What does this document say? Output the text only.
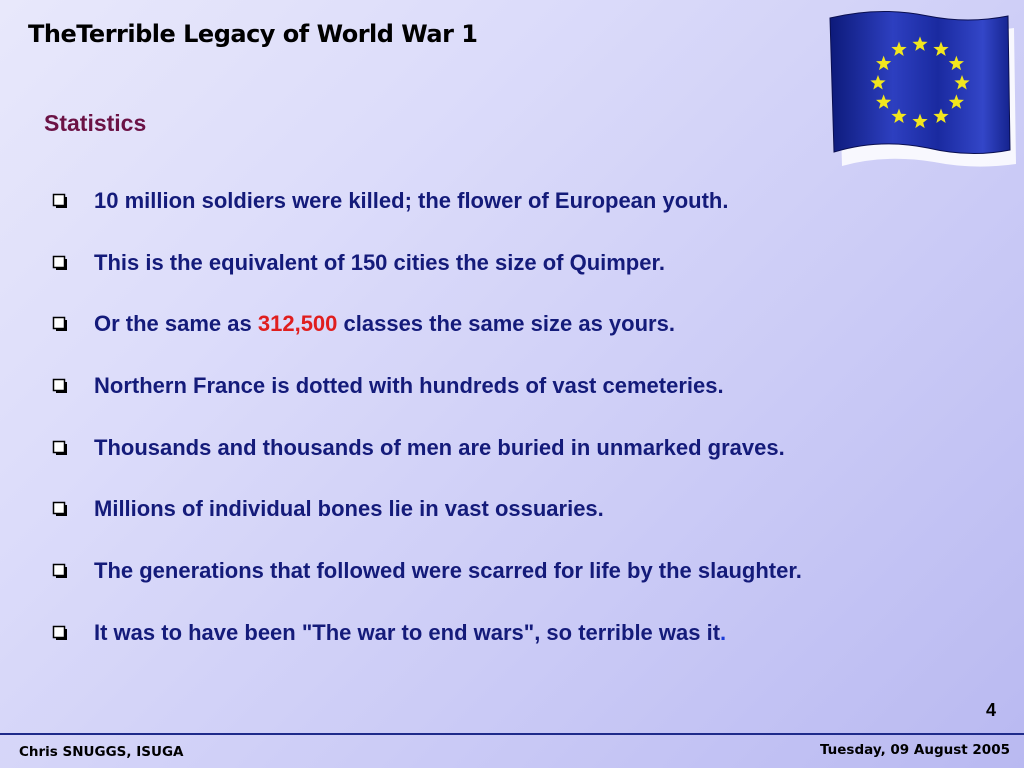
TheTerrible Legacy of World War 1
Statistics
10 million soldiers were killed; the flower of European youth.
This is the equivalent of 150 cities the size of Quimper.
Or the same as 312,500 classes the same size as yours.
Northern France is dotted with hundreds of vast cemeteries.
Thousands and thousands of men are buried in unmarked graves.
Millions of individual bones lie in vast ossuaries.
The generations that followed were scarred for life by the slaughter.
It was to have been "The war to end wars", so terrible was it.
4
Chris SNUGGS, ISUGA	Tuesday, 09 August 2005
